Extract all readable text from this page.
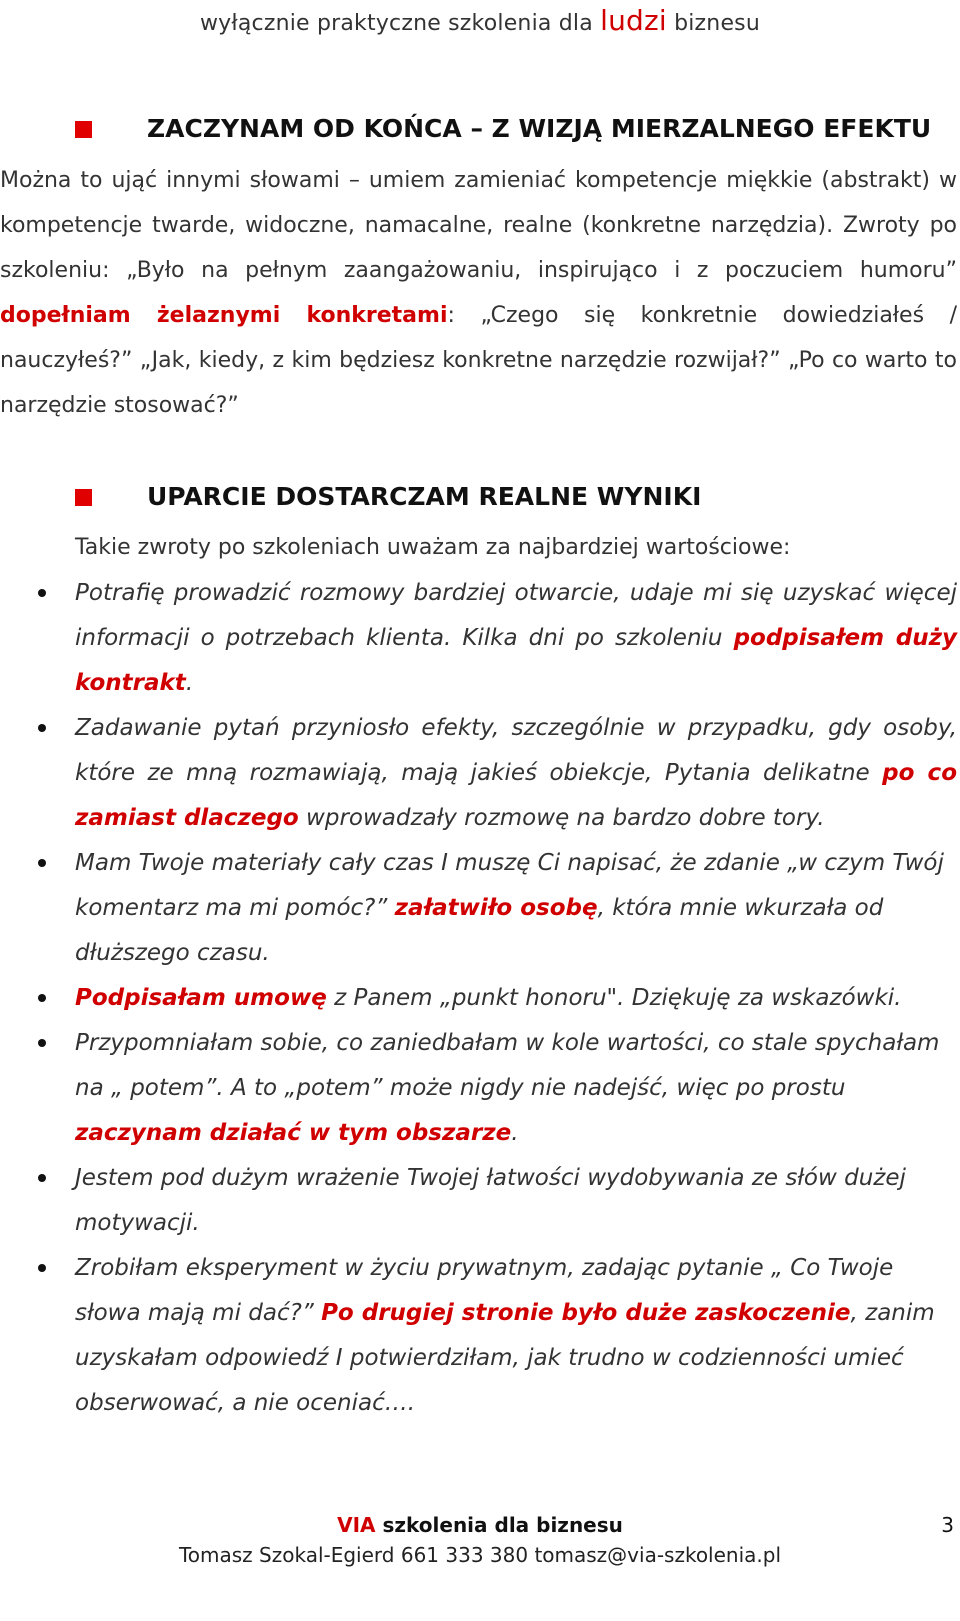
wyłącznie praktyczne szkolenia dla ludzi biznesu
ZACZYNAM OD KOŃCA – Z WIZJĄ MIERZALNEGO EFEKTU
Można to ująć innymi słowami – umiem zamieniać kompetencje miękkie (abstrakt) w kompetencje twarde, widoczne, namacalne, realne (konkretne narzędzia). Zwroty po szkoleniu: „Było na pełnym zaangażowaniu, inspirująco i z poczuciem humoru” dopełniam żelaznymi konkretami: „Czego się konkretnie dowiedziałeś / nauczyłeś?” „Jak, kiedy, z kim będziesz konkretne narzędzie rozwijał?” „Po co warto to narzędzie stosować?”
UPARCIE DOSTARCZAM REALNE WYNIKI
Takie zwroty po szkoleniach uważam za najbardziej wartościowe:
Potrafię prowadzić rozmowy bardziej otwarcie, udaje mi się uzyskać więcej informacji o potrzebach klienta. Kilka dni po szkoleniu podpisałem duży kontrakt.
Zadawanie pytań przyniosło efekty, szczególnie w przypadku, gdy osoby, które ze mną rozmawiają, mają jakieś obiekcje, Pytania delikatne po co zamiast dlaczego wprowadzały rozmowę na bardzo dobre tory.
Mam Twoje materiały cały czas I muszę Ci napisać, że zdanie „w czym Twój komentarz ma mi pomóc?” załatwiło osobę, która mnie wkurzała od dłuższego czasu.
Podpisałam umowę z Panem „punkt honoru". Dziękuję za wskazówki.
Przypomniałam sobie, co zaniedbałam w kole wartości, co stale spychałam na „ potem”. A to „potem” może nigdy nie nadejść, więc po prostu zaczynam działać w tym obszarze.
Jestem pod dużym wrażenie Twojej łatwości wydobywania ze słów dużej motywacji.
Zrobiłam eksperyment w życiu prywatnym, zadając pytanie „ Co Twoje słowa mają mi dać?” Po drugiej stronie było duże zaskoczenie, zanim uzyskałam odpowiedź I potwierdziłam, jak trudno w codzienności umieć obserwować, a nie oceniać….
VIA szkolenia dla biznesu
Tomasz Szokal-Egierd 661 333 380 tomasz@via-szkolenia.pl
3
